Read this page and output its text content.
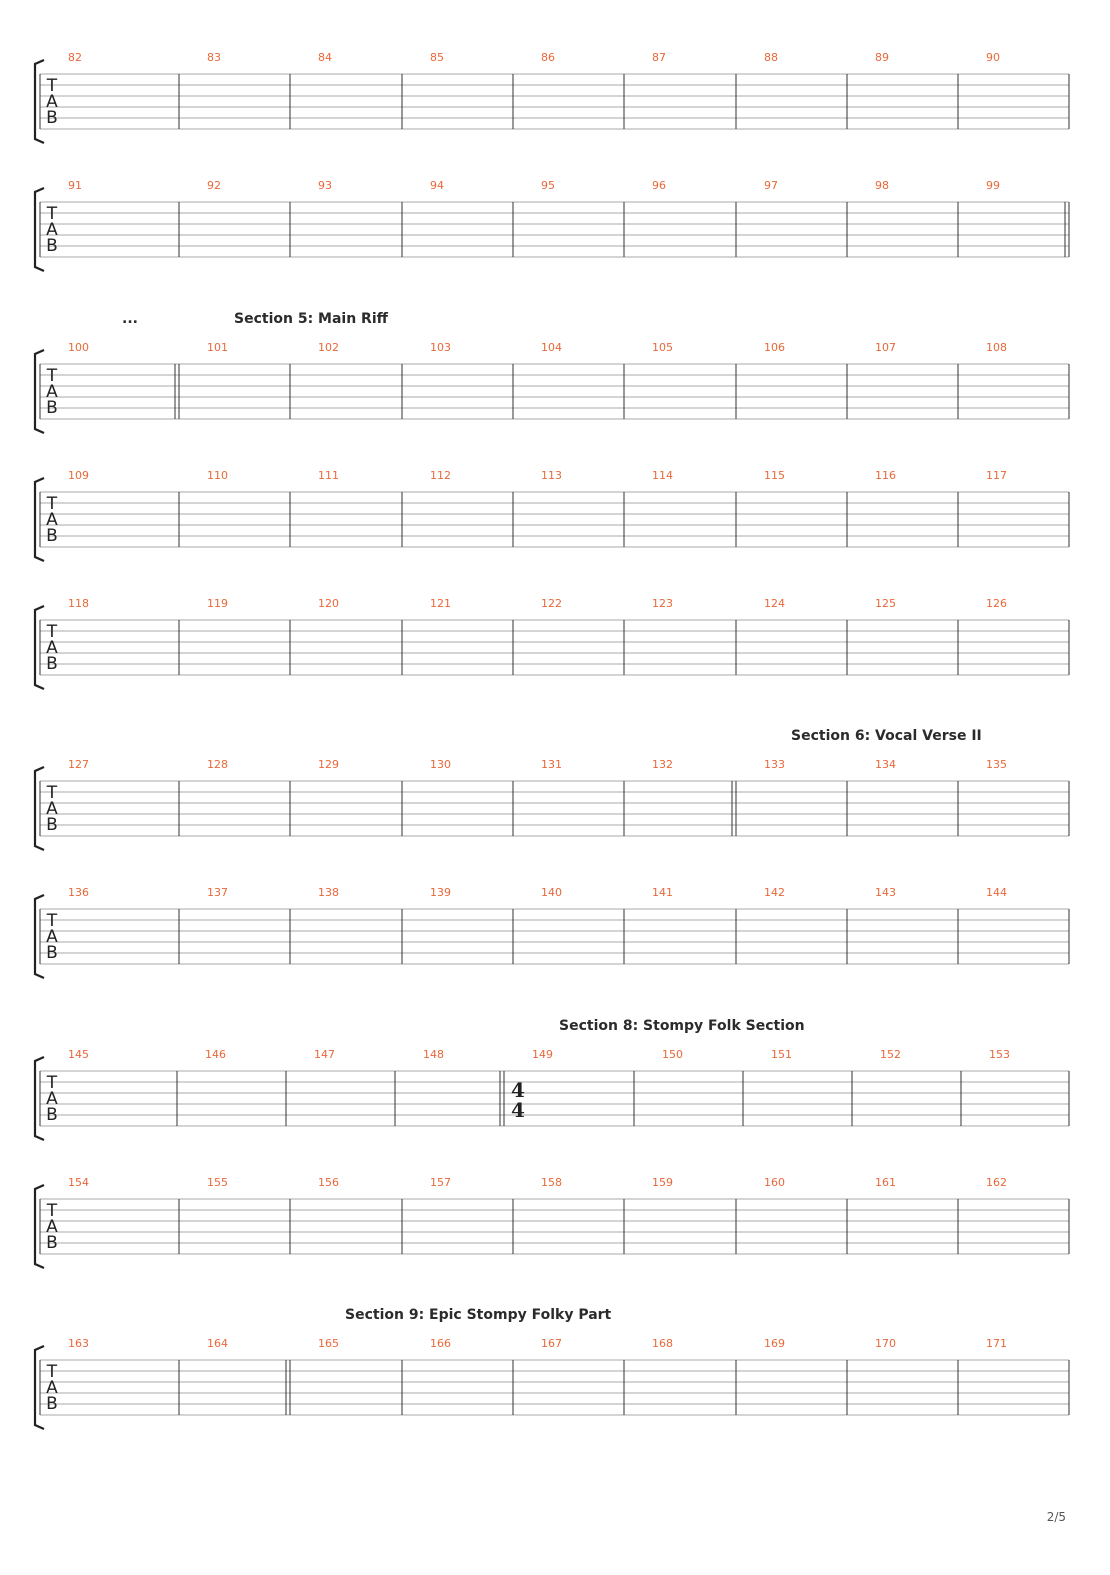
T
A
B
82	83	84	85	86	87	88	89	90
T
A
B
91	92	93	94	95	96	97	98	99
T
A
B
100	101	102	103	104	105	106	107	108
...	Section 5: Main Riff
T
A
B
109	110	111	112	113	114	115	116	117
T
A
B
118	119	120	121	122	123	124	125	126
T
A
B
127	128	129	130	131	132	133	134	135
Section 6: Vocal Verse II
T
A
B
136	137	138	139	140	141	142	143	144
T
A
B
145	146	147	148	149	150	151	152	153
4
4
Section 8: Stompy Folk Section
T
A
B
154	155	156	157	158	159	160	161	162
T
A
B
163	164	165	166	167	168	169	170	171
Section 9: Epic Stompy Folky Part
2/5
